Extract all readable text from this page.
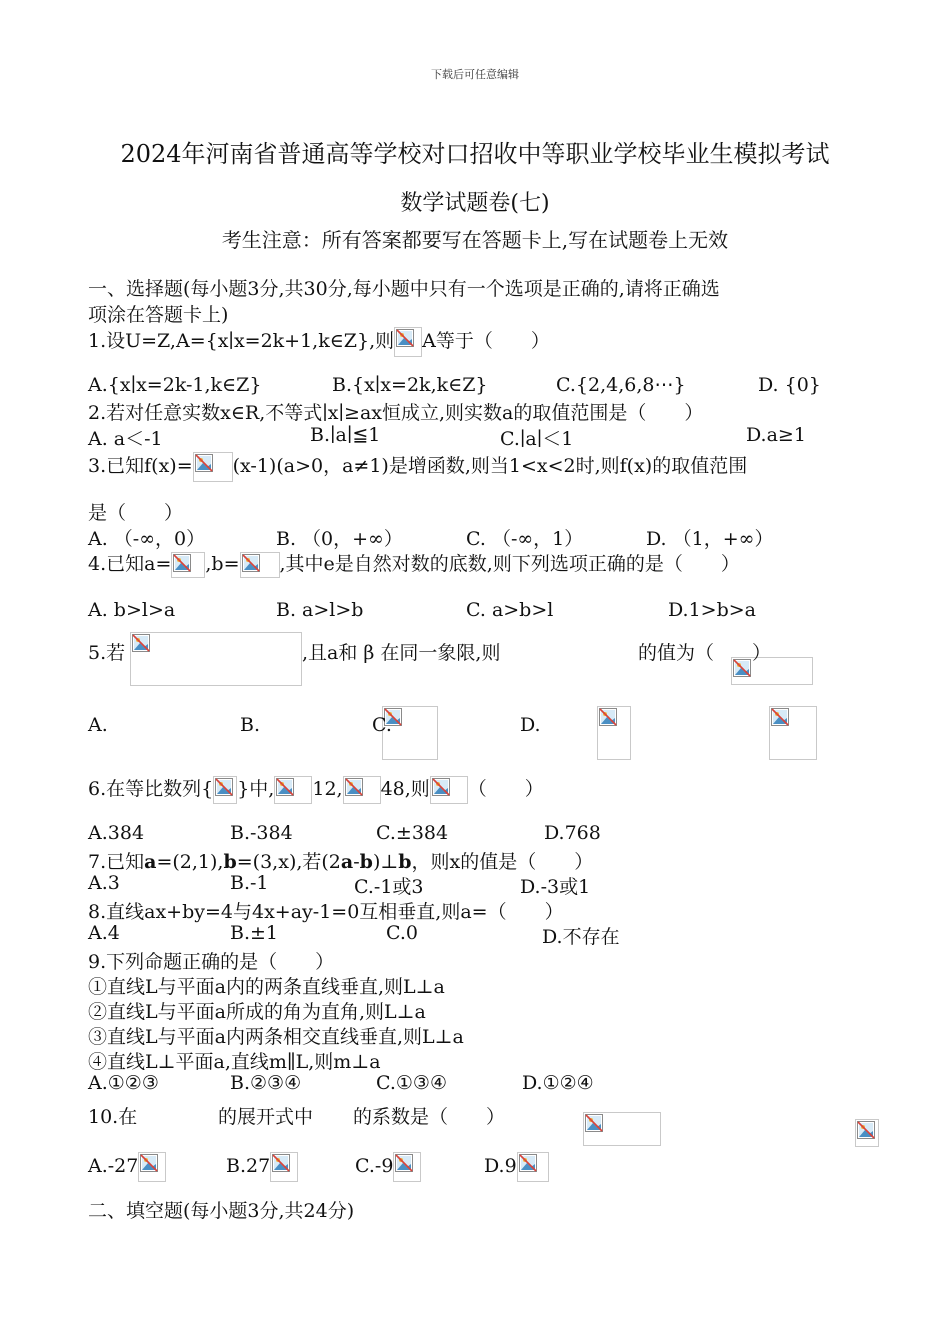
下载后可任意编辑
2024年河南省普通高等学校对口招收中等职业学校毕业生模拟考试
数学试题卷(七)
考生注意：所有答案都要写在答题卡上,写在试题卷上无效
一、选择题(每小题3分,共30分,每小题中只有一个选项是正确的,请将正确选
项涂在答题卡上)
1.设U=Z,A={x∣x=2k+1,k∈Z},则 A等于（　　）
A.{x∣x=2k-1,k∈Z}	B.{x∣x=2k,k∈Z}	C.{2,4,6,8⋯}	D. {0}
2.若对任意实数x∈R,不等式∣x∣≥ax恒成立,则实数a的取值范围是（　　）
A. a＜-1	B.∣a∣≦1	C.∣a∣＜1	D.a≥1
3.已知f(x)= (x-1)(a>0，a≠1)是增函数,则当1<x<2时,则f(x)的取值范围
是（　　）
A. （-∞，0）	B. （0，+∞）	C. （-∞，1）	D. （1，+∞）
4.已知a= ,b= ,其中e是自然对数的底数,则下列选项正确的是（　　）
A. b>l>a	B. a>l>b	C. a>b>l	D.1>b>a
5.若
	,且a和 β 在同一象限,则
	的值为（　　）
A.
	B.
	C.
	D.

6.在等比数列{ }中, 12, 48,则 （　　）
A.384	B.-384	C.±384	D.768
7.已知a=(2,1),b=(3,x),若(2a-b)⊥b，则x的值是（　　）
A.3	B.-1	C.-1或3	D.-3或1
8.直线ax+by=4与4x+ay-1=0互相垂直,则a=（　　）
A.4	B.±1	C.0	D.不存在
9.下列命题正确的是（　　）
①直线L与平面a内的两条直线垂直,则L⊥a
②直线L与平面a所成的角为直角,则L⊥a
③直线L与平面a内两条相交直线垂直,则L⊥a
④直线L⊥平面a,直线m∥L,则m⊥a
A.①②③	B.②③④	C.①③④	D.①②④
10.在
	的展开式中 的系数是（　　）
A.-27	B.27	C.-9	D.9
二、填空题(每小题3分,共24分)
